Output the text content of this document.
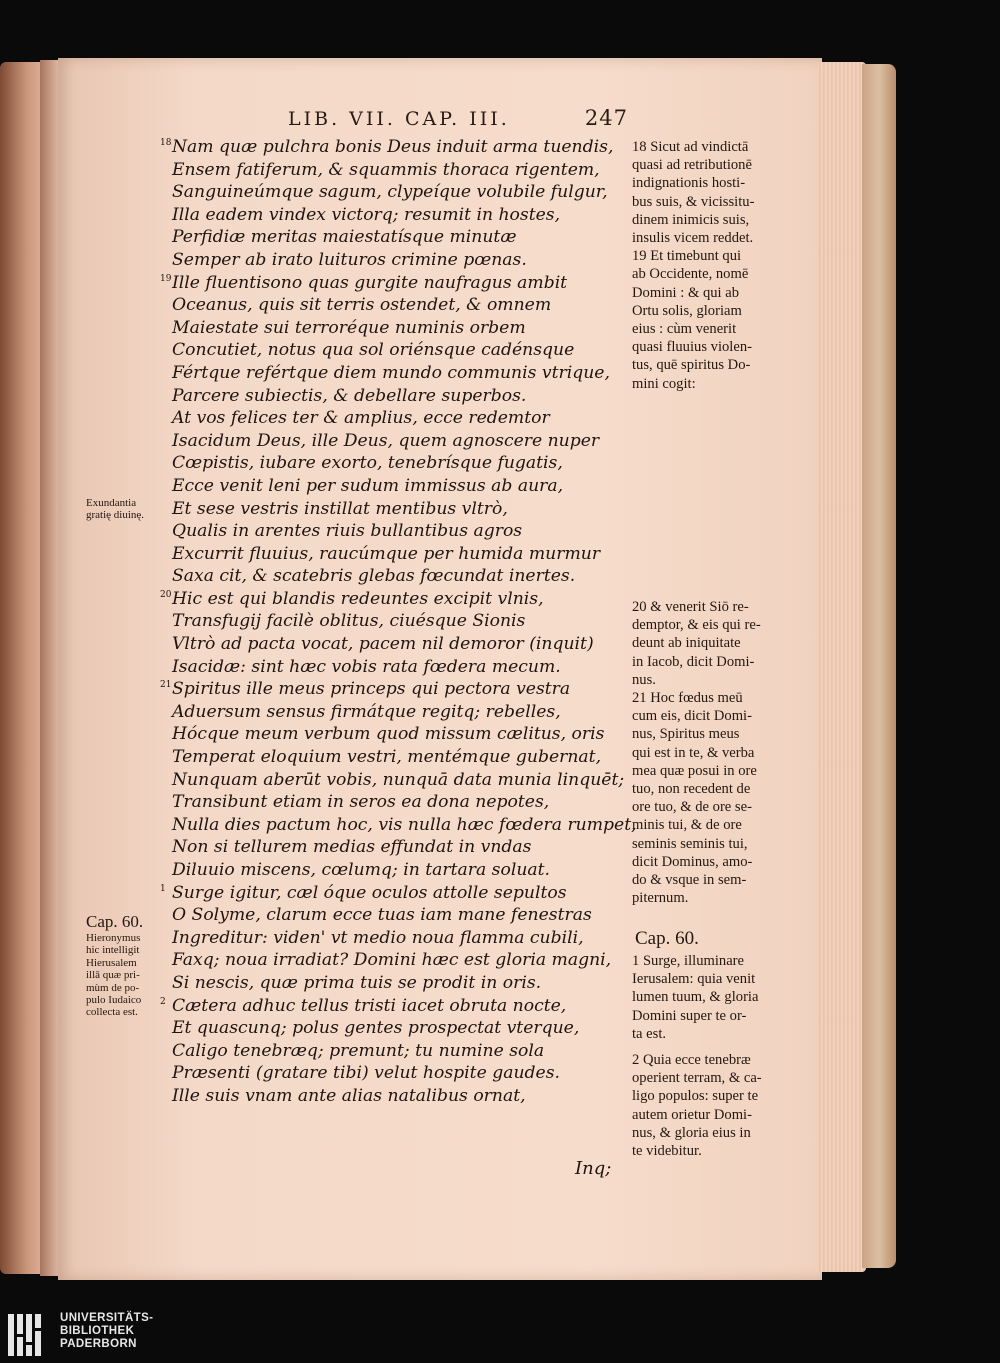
LIB. VII. CAP. III.	247
18 Nam quæ pulchra bonis Deus induit arma tuendis,
Ensem fatiferum, & squammis thoraca rigentem,
Sanguineúmque sagum, clypeíque volubile fulgur,
Illa eadem vindex victorq; resumit in hostes,
Perfidiæ meritas maiestatísque minutæ
Semper ab irato luituros crimine pœnas.
19 Ille fluentisono quas gurgite naufragus ambit
Oceanus, quis sit terris ostendet, & omnem
Maiestate sui terroréque numinis orbem
Concutiet, notus qua sol oriénsque cadénsque
Fértque refértque diem mundo communis vtrique,
Parcere subiectis, & debellare superbos.
At vos felices ter & amplius, ecce redemtor
Isacidum Deus, ille Deus, quem agnoscere nuper
Cœpistis, iubare exorto, tenebrísque fugatis,
Ecce venit leni per sudum immissus ab aura,
Et sese vestris instillat mentibus vltrò,
Qualis in arentes riuis bullantibus agros
Excurrit fluuius, raucúmque per humida murmur
Saxa cit, & scatebris glebas fœcundat inertes.
20 Hic est qui blandis redeuntes excipit vlnis,
Transfugij facilè oblitus, ciuésque Sionis
Vltrò ad pacta vocat, pacem nil demoror (inquit)
Isacidæ: sint hæc vobis rata fœdera mecum.
21 Spiritus ille meus princeps qui pectora vestra
Aduersum sensus firmátque regitq; rebelles,
Hócque meum verbum quod missum cælitus, oris
Temperat eloquium vestri, mentémque gubernat,
Nunquam aberūt vobis, nunquā data munia linquēt;
Transibunt etiam in seros ea dona nepotes,
Nulla dies pactum hoc, vis nulla hæc fœdera rumpet,
Non si tellurem medias effundat in vndas
Diluuio miscens, cœlumq; in tartara soluat.
1 Surge igitur, cæl óque oculos attolle sepultos
O Solyme, clarum ecce tuas iam mane fenestras
Ingreditur: viden' vt medio noua flamma cubili,
Faxq; noua irradiat? Domini hæc est gloria magni,
Si nescis, quæ prima tuis se prodit in oris.
2 Cætera adhuc tellus tristi iacet obruta nocte,
Et quascunq; polus gentes prospectat vterque,
Caligo tenebræq; premunt; tu numine sola
Præsenti (gratare tibi) velut hospite gaudes.
Ille suis vnam ante alias natalibus ornat,
Exundantia
gratię diuinę.
Cap. 60.
Hieronymus
hic intelligit
Hierusalem
illā quæ pri-
mùm de po-
pulo Iudaico
collecta est.
18 Sicut ad vindictā
quasi ad retributionē
indignationis hosti-
bus suis, & vicissitu-
dinem inimicis suis,
insulis vicem reddet.
19 Et timebunt qui
ab Occidente, nomē
Domini : & qui ab
Ortu solis, gloriam
eius : cùm venerit
quasi fluuius violen-
tus, quē spiritus Do-
mini cogit:
20 & venerit Siō re-
demptor, & eis qui re-
deunt ab iniquitate
in Iacob, dicit Domi-
nus.
21 Hoc fœdus meū
cum eis, dicit Domi-
nus, Spiritus meus
qui est in te, & verba
mea quæ posui in ore
tuo, non recedent de
ore tuo, & de ore se-
minis tui, & de ore
seminis seminis tui,
dicit Dominus, amo-
do & vsque in sem-
piternum.
Cap. 60.
1 Surge, illuminare
Ierusalem: quia venit
lumen tuum, & gloria
Domini super te or-
ta est.
2 Quia ecce tenebræ
operient terram, & ca-
ligo populos: super te
autem orietur Domi-
nus, & gloria eius in
te videbitur.
Inq;
UNIVERSITÄTS-
BIBLIOTHEK
PADERBORN
